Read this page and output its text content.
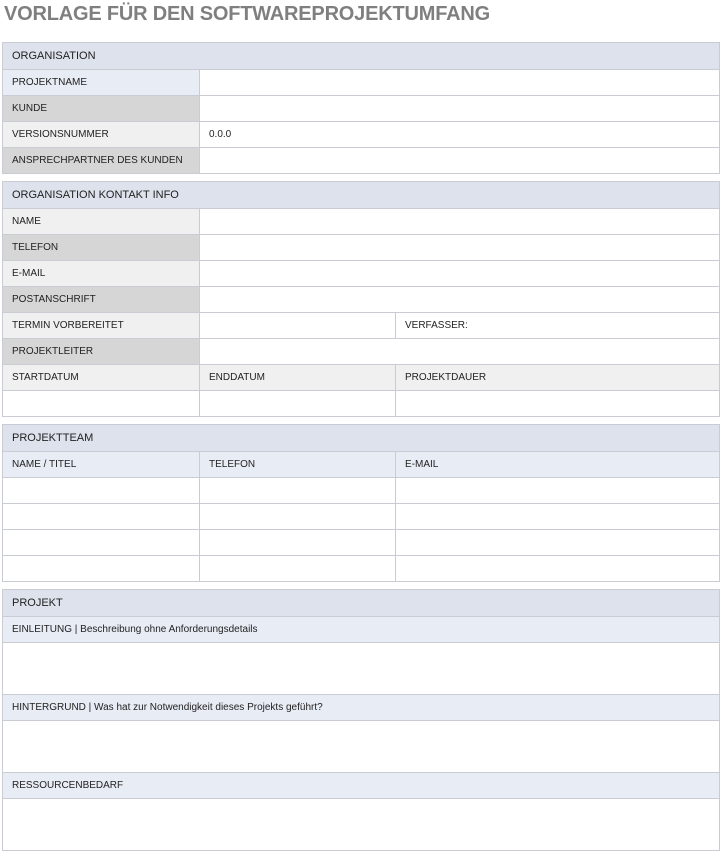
VORLAGE FÜR DEN SOFTWAREPROJEKTUMFANG
ORGANISATION	
PROJEKTNAME	
KUNDE	
VERSIONSNUMMER	0.0.0
ANSPRECHPARTNER DES KUNDEN	
ORGANISATION KONTAKT INFO		
NAME		
TELEFON		
E-MAIL		
POSTANSCHRIFT		
TERMIN VORBEREITET		VERFASSER:
PROJEKTLEITER		
STARTDATUM	ENDDATUM	PROJEKTDAUER

PROJEKTTEAM		
NAME / TITEL	TELEFON	E-MAIL

PROJEKT
EINLEITUNG | Beschreibung ohne Anforderungsdetails

HINTERGRUND | Was hat zur Notwendigkeit dieses Projekts geführt?

RESSOURCENBEDARF
